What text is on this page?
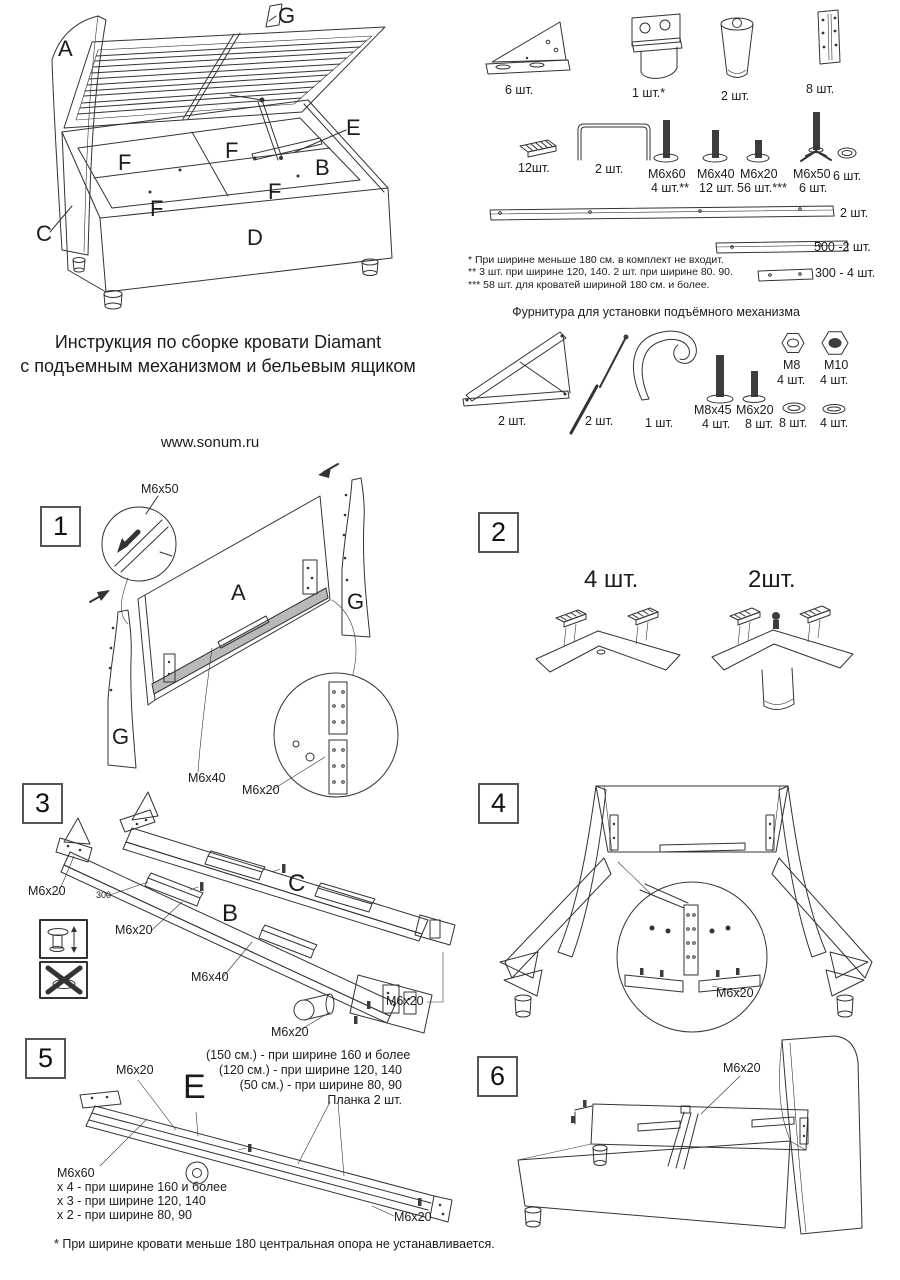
Инструкция по сборке кровати Diamant
с подъемным механизмом и бельевым ящиком
www.sonum.ru
G
A
E
F	F
F
F
B
C	D
6 шт.	1 шт.*	2 шт.	8 шт.
12шт.	2 шт. M6x60
4 шт.**
M6x40
12 шт.
M6x20
56 шт.***
M6x50
6 шт.
6 шт.
2 шт.
500 -2 шт.
300 - 4 шт.
* При ширине меньше 180 см. в комплект не входит.
** 3 шт. при ширине 120, 140. 2 шт. при ширине 80. 90.
*** 58 шт. для кроватей шириной 180 см. и более.
Фурнитура для установки подъёмного механизма
2 шт.	2 шт.	1 шт.
M8x45
4 шт.
M6x20
8 шт.
M8
4 шт.
M10
4 шт.
8 шт. 4 шт.
1	2
3	4
5
6
M6x50
A	G
G
M6x40
M6x20
4 шт.	2шт.
M6x20	300
M6x20
B
C
M6x40
M6x20
M6x20
M6x20
M6x20 E
(150 см.) - при ширине 160 и более
(120 см.) - при ширине 120, 140
(50 см.) - при ширине 80, 90
Планка 2 шт.
M6x60
x 4 - при ширине 160 и более
x 3 - при ширине 120, 140
x 2 - при ширине 80, 90	M6x20
* При ширине кровати меньше 180 центральная опора не устанавливается.
M6x20
